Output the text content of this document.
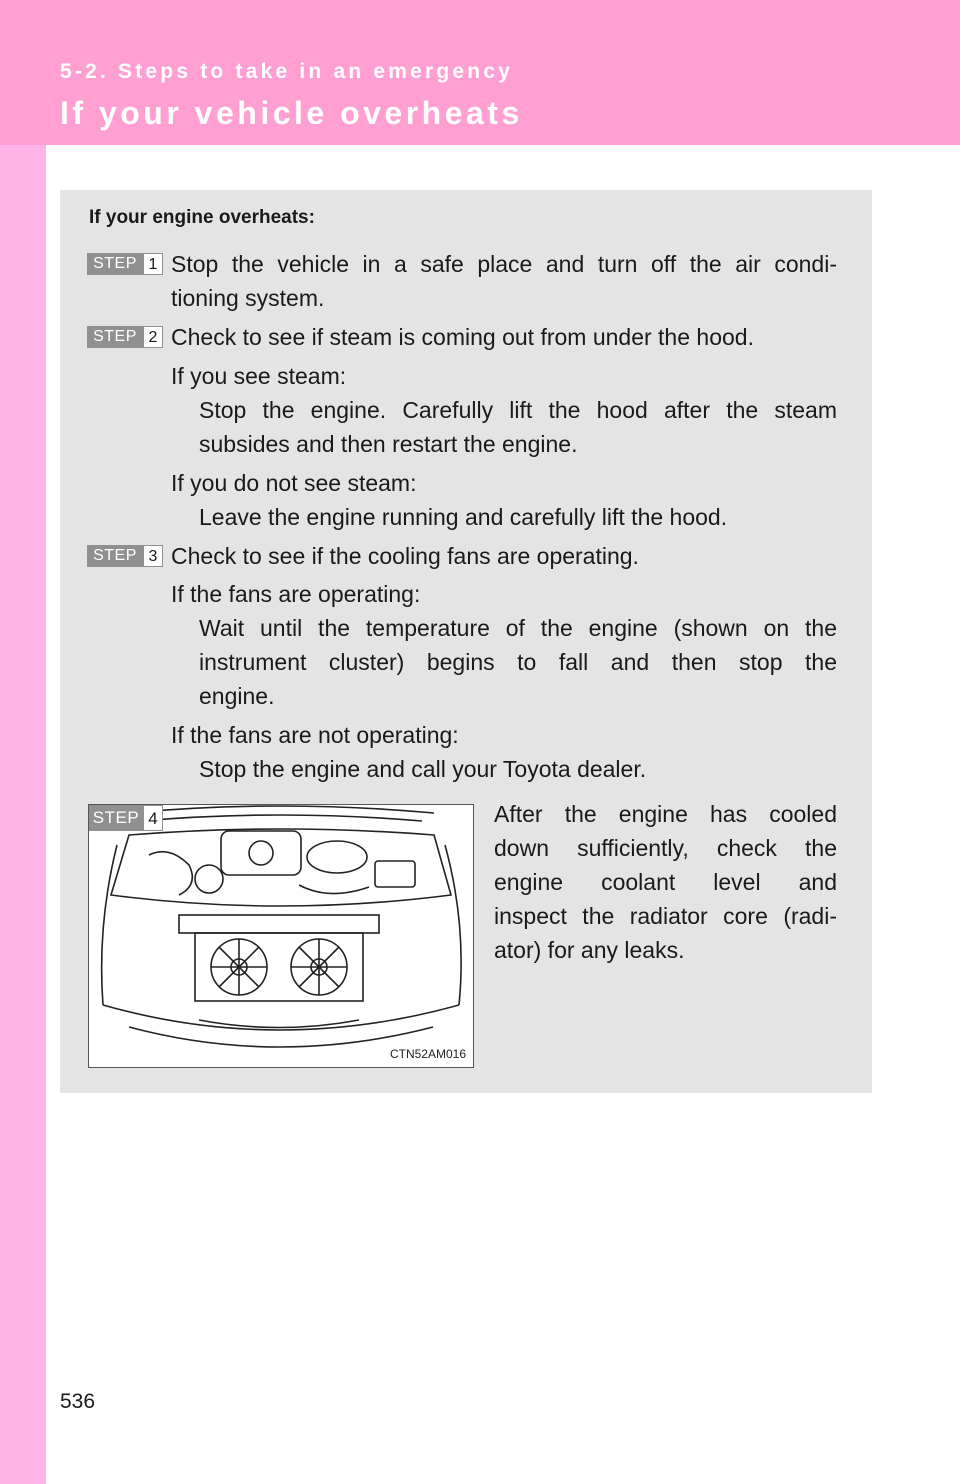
5-2. Steps to take in an emergency
If your vehicle overheats
If your engine overheats:
STEP 1 Stop the vehicle in a safe place and turn off the air condi-
tioning system.
STEP 2 Check to see if steam is coming out from under the hood.
If you see steam:
Stop the engine. Carefully lift the hood after the steam
subsides and then restart the engine.
If you do not see steam:
Leave the engine running and carefully lift the hood.
STEP 3 Check to see if the cooling fans are operating.
If the fans are operating:
Wait until the temperature of the engine (shown on the
instrument cluster) begins to fall and then stop the
engine.
If the fans are not operating:
Stop the engine and call your Toyota dealer.
STEP 4
CTN52AM016
After the engine has cooled
down sufficiently, check the
engine coolant level and
inspect the radiator core (radi-
ator) for any leaks.
536
